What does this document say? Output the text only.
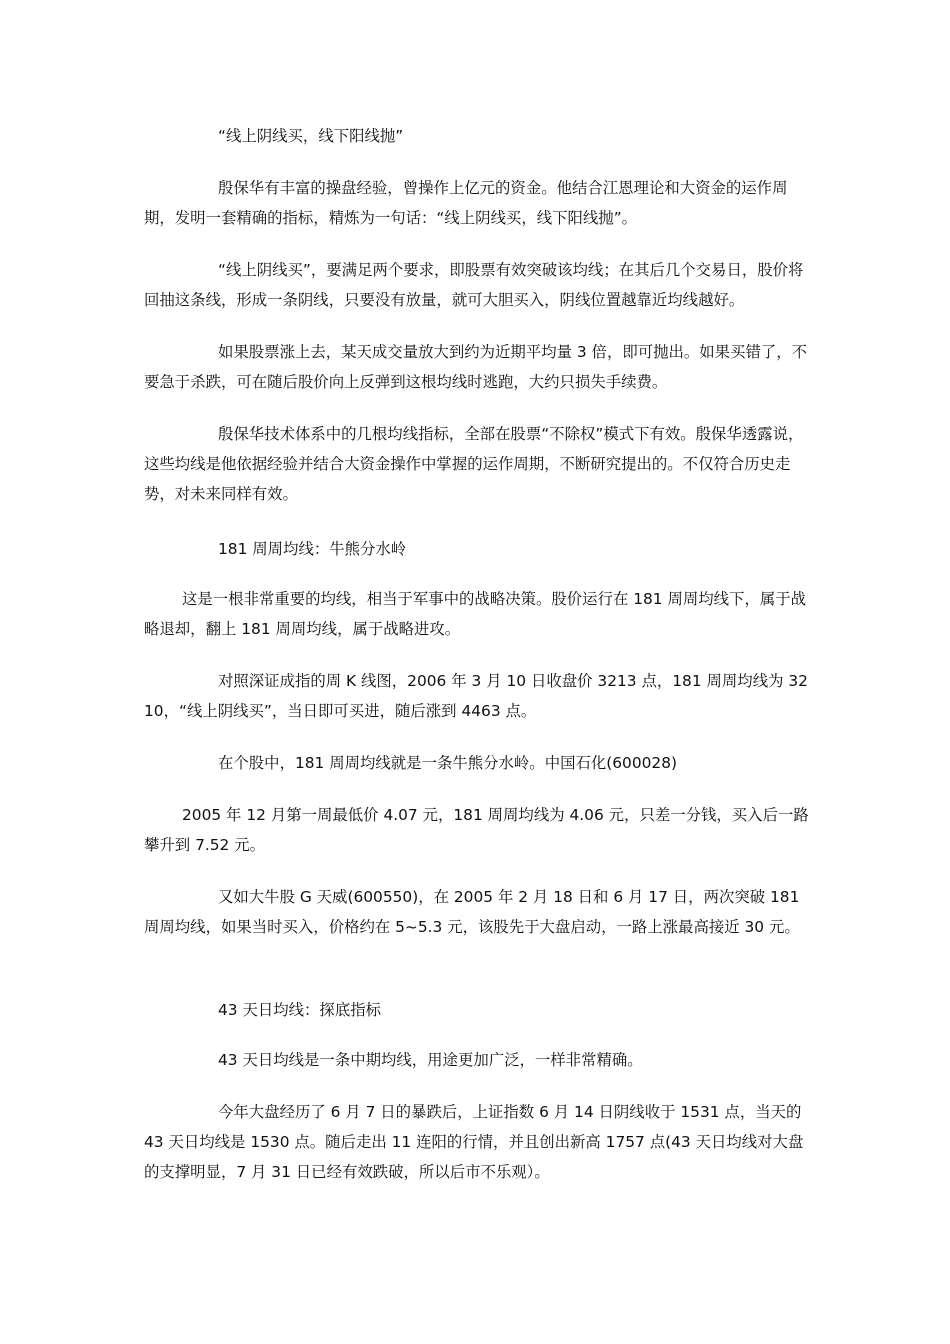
“线上阴线买，线下阳线抛”

殷保华有丰富的操盘经验，曾操作上亿元的资金。他结合江恩理论和大资金的运作周期，发明一套精确的指标，精炼为一句话：“线上阴线买，线下阳线抛”。

“线上阴线买”，要满足两个要求，即股票有效突破该均线；在其后几个交易日，股价将回抽这条线，形成一条阴线，只要没有放量，就可大胆买入，阴线位置越靠近均线越好。

如果股票涨上去，某天成交量放大到约为近期平均量 3 倍，即可抛出。如果买错了，不要急于杀跌，可在随后股价向上反弹到这根均线时逃跑，大约只损失手续费。

殷保华技术体系中的几根均线指标，全部在股票“不除权”模式下有效。殷保华透露说，这些均线是他依据经验并结合大资金操作中掌握的运作周期，不断研究提出的。不仅符合历史走势，对未来同样有效。

181 周周均线：牛熊分水岭

这是一根非常重要的均线，相当于军事中的战略决策。股价运行在 181 周周均线下，属于战略退却，翻上 181 周周均线，属于战略进攻。

对照深证成指的周 K 线图，2006 年 3 月 10 日收盘价 3213 点，181 周周均线为 3210，“线上阴线买”，当日即可买进，随后涨到 4463 点。

在个股中，181 周周均线就是一条牛熊分水岭。中国石化(600028)

2005 年 12 月第一周最低价 4.07 元，181 周周均线为 4.06 元，只差一分钱，买入后一路攀升到 7.52 元。

又如大牛股 G 天威(600550)，在 2005 年 2 月 18 日和 6 月 17 日，两次突破 181 周周均线，如果当时买入，价格约在 5~5.3 元，该股先于大盘启动，一路上涨最高接近 30 元。

43 天日均线：探底指标

43 天日均线是一条中期均线，用途更加广泛，一样非常精确。

今年大盘经历了 6 月 7 日的暴跌后，上证指数 6 月 14 日阴线收于 1531 点，当天的 43 天日均线是 1530 点。随后走出 11 连阳的行情，并且创出新高 1757 点(43 天日均线对大盘的支撑明显，7 月 31 日已经有效跌破，所以后市不乐观）。
